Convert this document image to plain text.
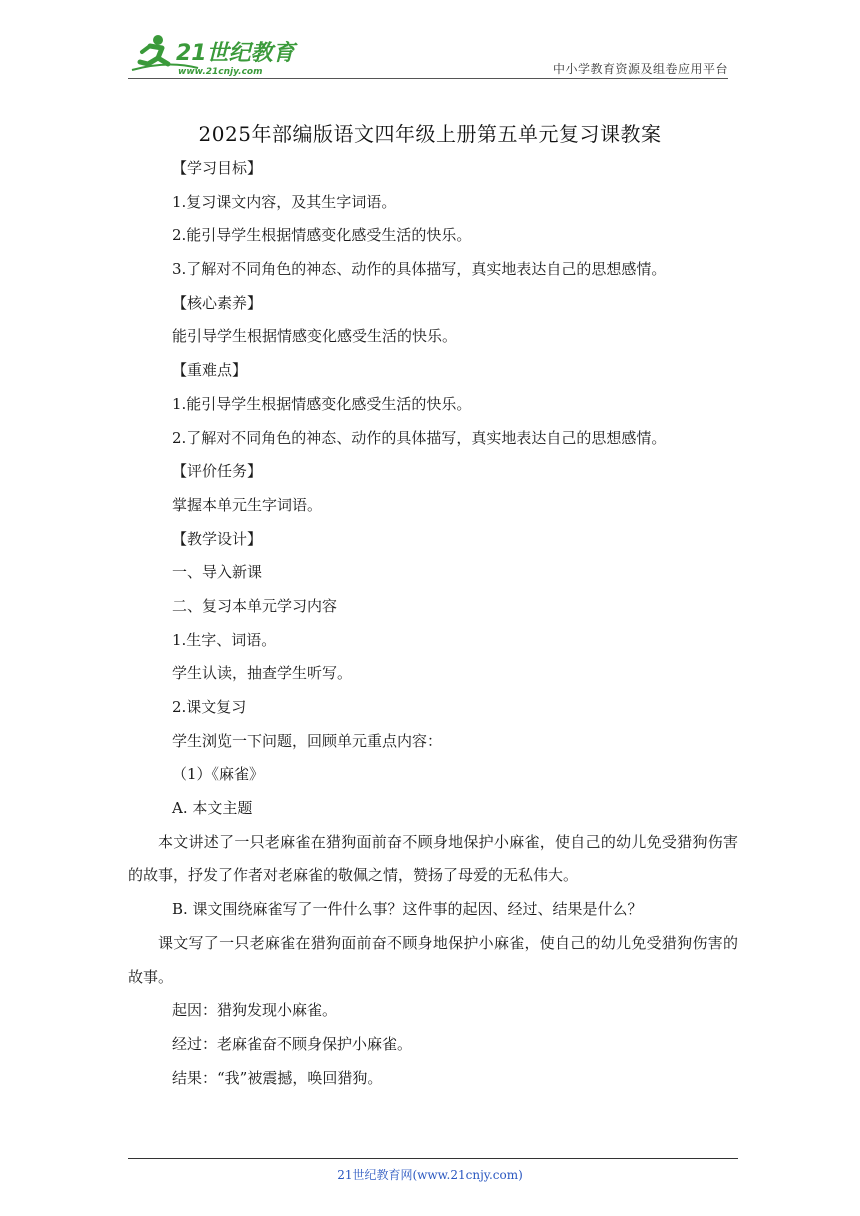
21世纪教育
www.21cnjy.com	中小学教育资源及组卷应用平台
2025年部编版语文四年级上册第五单元复习课教案
【学习目标】
1.复习课文内容，及其生字词语。
2.能引导学生根据情感变化感受生活的快乐。
3.了解对不同角色的神态、动作的具体描写，真实地表达自己的思想感情。
【核心素养】
能引导学生根据情感变化感受生活的快乐。
【重难点】
1.能引导学生根据情感变化感受生活的快乐。
2.了解对不同角色的神态、动作的具体描写，真实地表达自己的思想感情。
【评价任务】
掌握本单元生字词语。
【教学设计】
一、导入新课
二、复习本单元学习内容
1.生字、词语。
学生认读，抽查学生听写。
2.课文复习
学生浏览一下问题，回顾单元重点内容：
（1）《麻雀》
A. 本文主题
本文讲述了一只老麻雀在猎狗面前奋不顾身地保护小麻雀，使自己的幼儿免受猎狗伤害的故事，抒发了作者对老麻雀的敬佩之情，赞扬了母爱的无私伟大。
B. 课文围绕麻雀写了一件什么事？这件事的起因、经过、结果是什么？
课文写了一只老麻雀在猎狗面前奋不顾身地保护小麻雀，使自己的幼儿免受猎狗伤害的故事。
起因：猎狗发现小麻雀。
经过：老麻雀奋不顾身保护小麻雀。
结果：“我”被震撼，唤回猎狗。
21世纪教育网(www.21cnjy.com)
